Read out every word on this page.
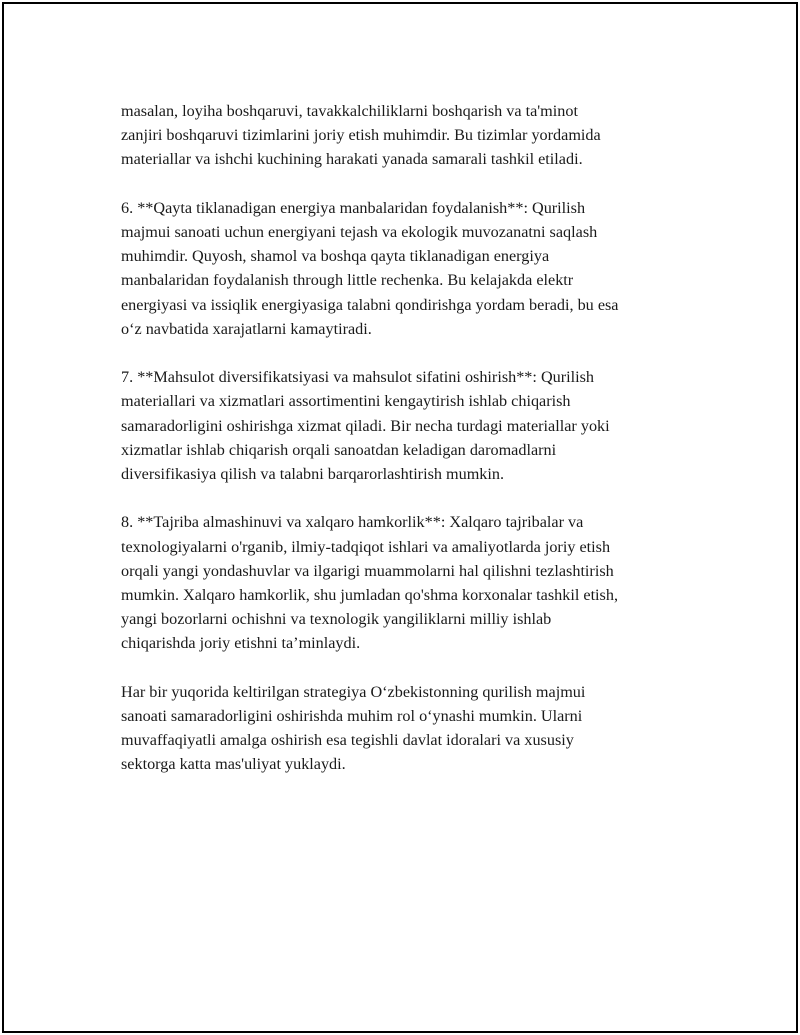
masalan, loyiha boshqaruvi, tavakkalchiliklarni boshqarish va ta'minot
zanjiri boshqaruvi tizimlarini joriy etish muhimdir. Bu tizimlar yordamida
materiallar va ishchi kuchining harakati yanada samarali tashkil etiladi.

6. **Qayta tiklanadigan energiya manbalaridan foydalanish**: Qurilish
majmui sanoati uchun energiyani tejash va ekologik muvozanatni saqlash
muhimdir. Quyosh, shamol va boshqa qayta tiklanadigan energiya
manbalaridan foydalanish through little rechenka. Bu kelajakda elektr
energiyasi va issiqlik energiyasiga talabni qondirishga yordam beradi, bu esa
o‘z navbatida xarajatlarni kamaytiradi.

7. **Mahsulot diversifikatsiyasi va mahsulot sifatini oshirish**: Qurilish
materiallari va xizmatlari assortimentini kengaytirish ishlab chiqarish
samaradorligini oshirishga xizmat qiladi. Bir necha turdagi materiallar yoki
xizmatlar ishlab chiqarish orqali sanoatdan keladigan daromadlarni
diversifikasiya qilish va talabni barqarorlashtirish mumkin.

8. **Tajriba almashinuvi va xalqaro hamkorlik**: Xalqaro tajribalar va
texnologiyalarni o'rganib, ilmiy-tadqiqot ishlari va amaliyotlarda joriy etish
orqali yangi yondashuvlar va ilgarigi muammolarni hal qilishni tezlashtirish
mumkin. Xalqaro hamkorlik, shu jumladan qo'shma korxonalar tashkil etish,
yangi bozorlarni ochishni va texnologik yangiliklarni milliy ishlab
chiqarishda joriy etishni ta’minlaydi.

Har bir yuqorida keltirilgan strategiya O‘zbekistonning qurilish majmui
sanoati samaradorligini oshirishda muhim rol o‘ynashi mumkin. Ularni
muvaffaqiyatli amalga oshirish esa tegishli davlat idoralari va xususiy
sektorga katta mas'uliyat yuklaydi.
